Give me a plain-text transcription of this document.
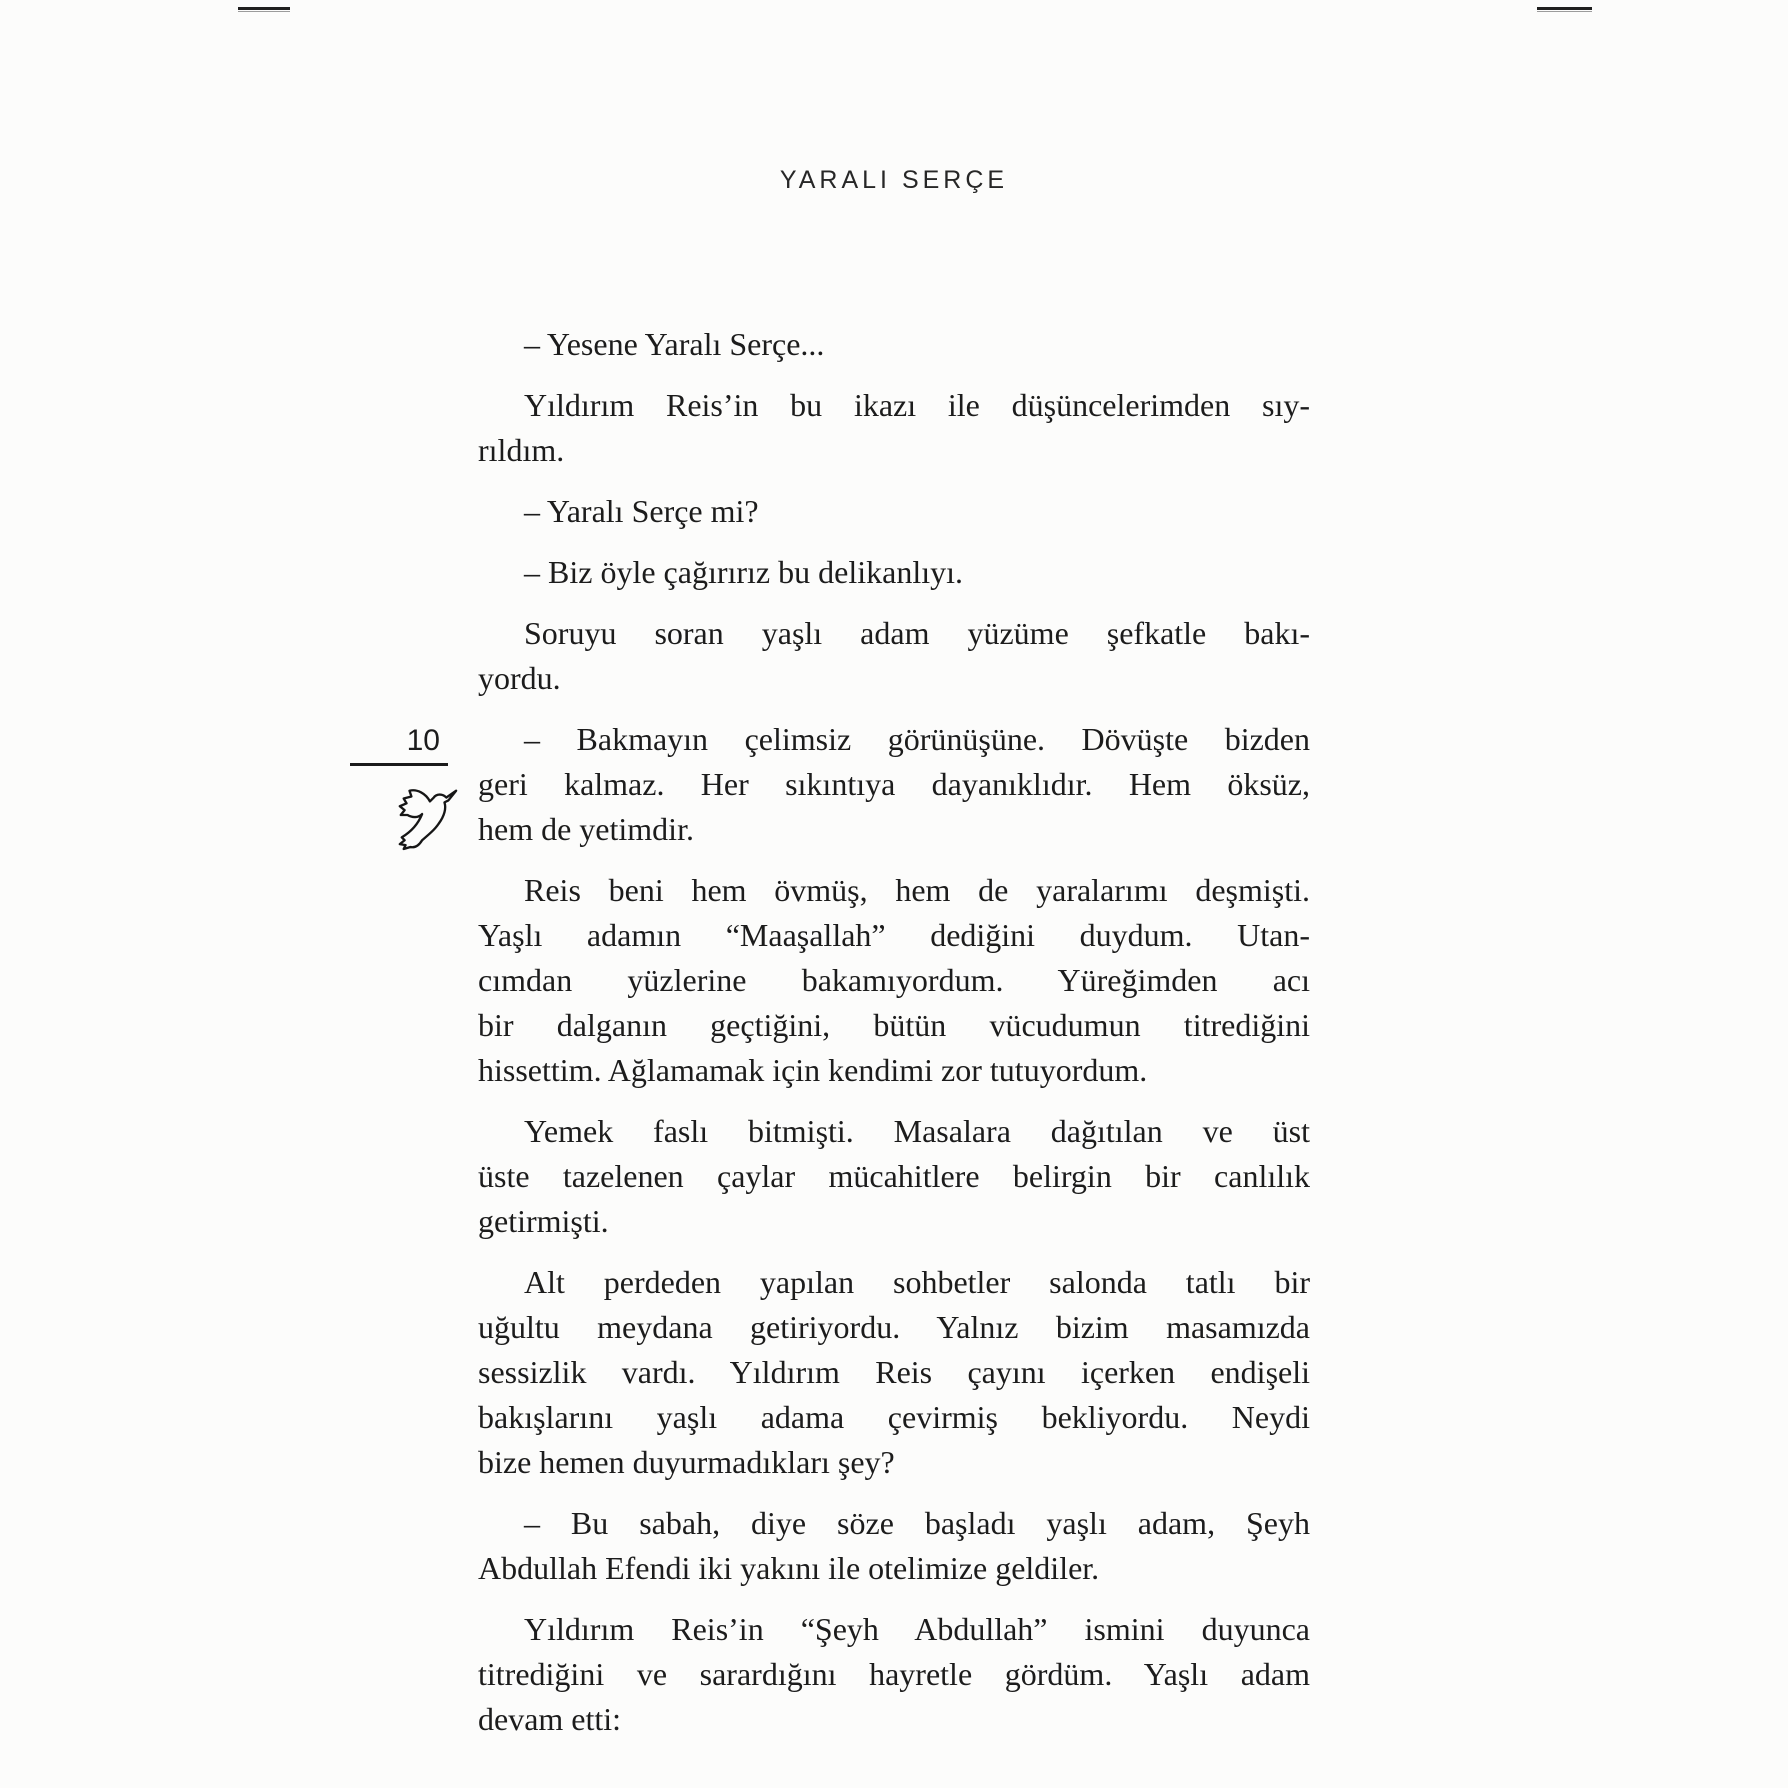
YARALI SERÇE
10
– Yesene Yaralı Serçe...
Yıldırım Reis’in bu ikazı ile düşüncelerimden sıy-
rıldım.
– Yaralı Serçe mi?
– Biz öyle çağırırız bu delikanlıyı.
Soruyu soran yaşlı adam yüzüme şefkatle bakı-
yordu.
– Bakmayın çelimsiz görünüşüne. Dövüşte bizden
geri kalmaz. Her sıkıntıya dayanıklıdır. Hem öksüz,
hem de yetimdir.
Reis beni hem övmüş, hem de yaralarımı deşmişti.
Yaşlı adamın “Maaşallah” dediğini duydum. Utan-
cımdan yüzlerine bakamıyordum. Yüreğimden acı
bir dalganın geçtiğini, bütün vücudumun titrediğini
hissettim. Ağlamamak için kendimi zor tutuyordum.
Yemek faslı bitmişti. Masalara dağıtılan ve üst
üste tazelenen çaylar mücahitlere belirgin bir canlılık
getirmişti.
Alt perdeden yapılan sohbetler salonda tatlı bir
uğultu meydana getiriyordu. Yalnız bizim masamızda
sessizlik vardı. Yıldırım Reis çayını içerken endişeli
bakışlarını yaşlı adama çevirmiş bekliyordu. Neydi
bize hemen duyurmadıkları şey?
– Bu sabah, diye söze başladı yaşlı adam, Şeyh
Abdullah Efendi iki yakını ile otelimize geldiler.
Yıldırım Reis’in “Şeyh Abdullah” ismini duyunca
titrediğini ve sarardığını hayretle gördüm. Yaşlı adam
devam etti:
